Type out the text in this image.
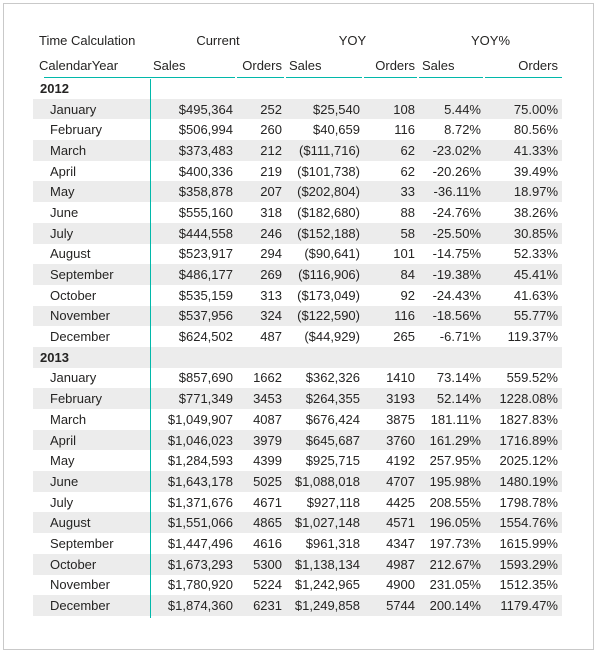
Time Calculation	Current	YOY	YOY%
CalendarYear	Sales	Orders Sales	Orders Sales	Orders
2012
January	$495,364	252	$25,540	108	5.44%	75.00%
February	$506,994	260	$40,659	116	8.72%	80.56%
March	$373,483	212	($111,716)	62	-23.02%	41.33%
April	$400,336	219	($101,738)	62	-20.26%	39.49%
May	$358,878	207	($202,804)	33	-36.11%	18.97%
June	$555,160	318	($182,680)	88	-24.76%	38.26%
July	$444,558	246	($152,188)	58	-25.50%	30.85%
August	$523,917	294	($90,641)	101	-14.75%	52.33%
September	$486,177	269	($116,906)	84	-19.38%	45.41%
October	$535,159	313	($173,049)	92	-24.43%	41.63%
November	$537,956	324	($122,590)	116	-18.56%	55.77%
December	$624,502	487	($44,929)	265	-6.71%	119.37%
2013
January	$857,690	1662	$362,326	1410	73.14%	559.52%
February	$771,349	3453	$264,355	3193	52.14%	1228.08%
March	$1,049,907	4087	$676,424	3875	181.11%	1827.83%
April	$1,046,023	3979	$645,687	3760	161.29%	1716.89%
May	$1,284,593	4399	$925,715	4192	257.95%	2025.12%
June	$1,643,178	5025 $1,088,018	4707	195.98%	1480.19%
July	$1,371,676	4671	$927,118	4425	208.55%	1798.78%
August	$1,551,066	4865 $1,027,148	4571	196.05%	1554.76%
September	$1,447,496	4616	$961,318	4347	197.73%	1615.99%
October	$1,673,293	5300 $1,138,134	4987	212.67%	1593.29%
November	$1,780,920	5224 $1,242,965	4900	231.05%	1512.35%
December	$1,874,360	6231 $1,249,858	5744	200.14%	1179.47%
